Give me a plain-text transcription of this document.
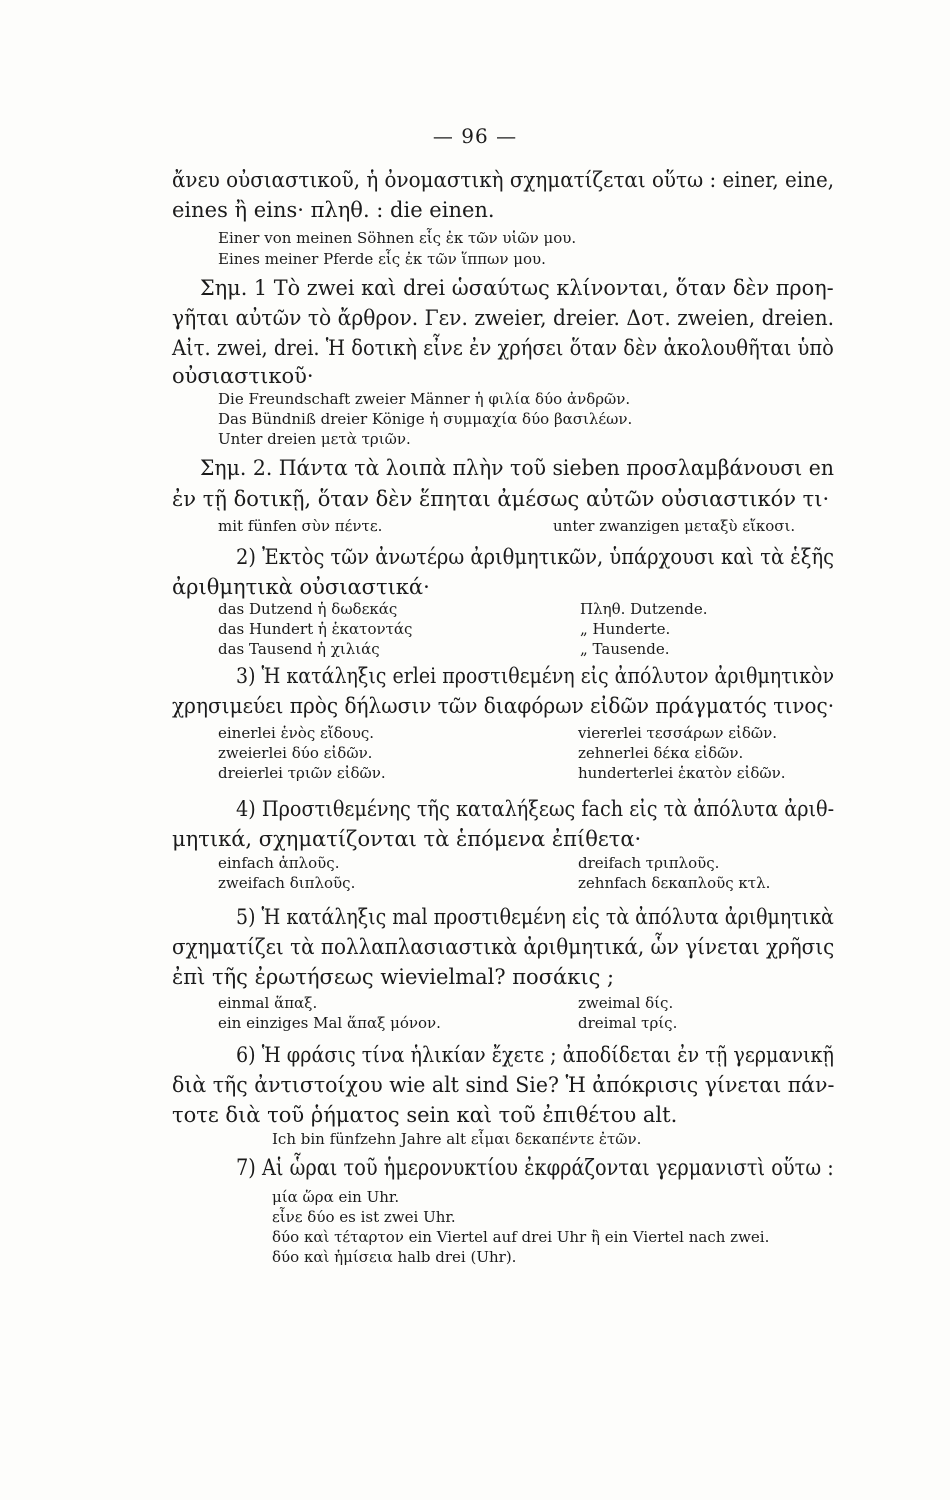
— 96 —
ἄνευ οὐσιαστικοῦ, ἡ ὀνομαστικὴ σχηματίζεται οὕτω : einer, eine,
eines ἢ eins· πληθ. : die einen.
Einer von meinen Söhnen εἷς ἐκ τῶν υἱῶν μου.
Eines meiner Pferde εἷς ἐκ τῶν ἵππων μου.
Σημ. 1 Τὸ zwei καὶ drei ὡσαύτως κλίνονται, ὅταν δὲν προη-
γῆται αὐτῶν τὸ ἄρθρον. Γεν. zweier, dreier. Δοτ. zweien, dreien.
Αἰτ. zwei, drei. Ἡ δοτικὴ εἶνε ἐν χρήσει ὅταν δὲν ἀκολουθῆται ὑπὸ
οὐσιαστικοῦ·
Die Freundschaft zweier Männer ἡ φιλία δύο ἀνδρῶν.
Das Bündniß dreier Könige ἡ συμμαχία δύο βασιλέων.
Unter dreien μετὰ τριῶν.
Σημ. 2. Πάντα τὰ λοιπὰ πλὴν τοῦ sieben προσλαμβάνουσι en
ἐν τῇ δοτικῇ, ὅταν δὲν ἕπηται ἀμέσως αὐτῶν οὐσιαστικόν τι·
mit fünfen σὺν πέντε.	unter zwanzigen μεταξὺ εἴκοσι.
2) Ἐκτὸς τῶν ἀνωτέρω ἀριθμητικῶν, ὑπάρχουσι καὶ τὰ ἑξῆς
ἀριθμητικὰ οὐσιαστικά·
das Dutzend ἡ δωδεκάς	Πληθ. Dutzende.
das Hundert ἡ ἑκατοντάς	„ Hunderte.
das Tausend ἡ χιλιάς	„ Tausende.
3) Ἡ κατάληξις erlei προστιθεμένη εἰς ἀπόλυτον ἀριθμητικὸν
χρησιμεύει πρὸς δήλωσιν τῶν διαφόρων εἰδῶν πράγματός τινος·
einerlei ἑνὸς εἴδους.	viererlei τεσσάρων εἰδῶν.
zweierlei δύο εἰδῶν.	zehnerlei δέκα εἰδῶν.
dreierlei τριῶν εἰδῶν.	hunderterlei ἑκατὸν εἰδῶν.
4) Προστιθεμένης τῆς καταλήξεως fach εἰς τὰ ἀπόλυτα ἀριθ-
μητικά, σχηματίζονται τὰ ἑπόμενα ἐπίθετα·
einfach ἁπλοῦς.	dreifach τριπλοῦς.
zweifach διπλοῦς.	zehnfach δεκαπλοῦς κτλ.
5) Ἡ κατάληξις mal προστιθεμένη εἰς τὰ ἀπόλυτα ἀριθμητικὰ
σχηματίζει τὰ πολλαπλασιαστικὰ ἀριθμητικά, ὧν γίνεται χρῆσις
ἐπὶ τῆς ἐρωτήσεως wievielmal? ποσάκις ;
einmal ἅπαξ.	zweimal δίς.
ein einziges Mal ἅπαξ μόνον.	dreimal τρίς.
6) Ἡ φράσις τίνα ἡλικίαν ἔχετε ; ἀποδίδεται ἐν τῇ γερμανικῇ
διὰ τῆς ἀντιστοίχου wie alt sind Sie? Ἡ ἀπόκρισις γίνεται πάν-
τοτε διὰ τοῦ ῥήματος sein καὶ τοῦ ἐπιθέτου alt.
Ich bin fünfzehn Jahre alt εἶμαι δεκαπέντε ἐτῶν.
7) Αἱ ὧραι τοῦ ἡμερονυκτίου ἐκφράζονται γερμανιστὶ οὕτω :
μία ὥρα ein Uhr.
εἶνε δύο es ist zwei Uhr.
δύο καὶ τέταρτον ein Viertel auf drei Uhr ἢ ein Viertel nach zwei.
δύο καὶ ἡμίσεια halb drei (Uhr).
